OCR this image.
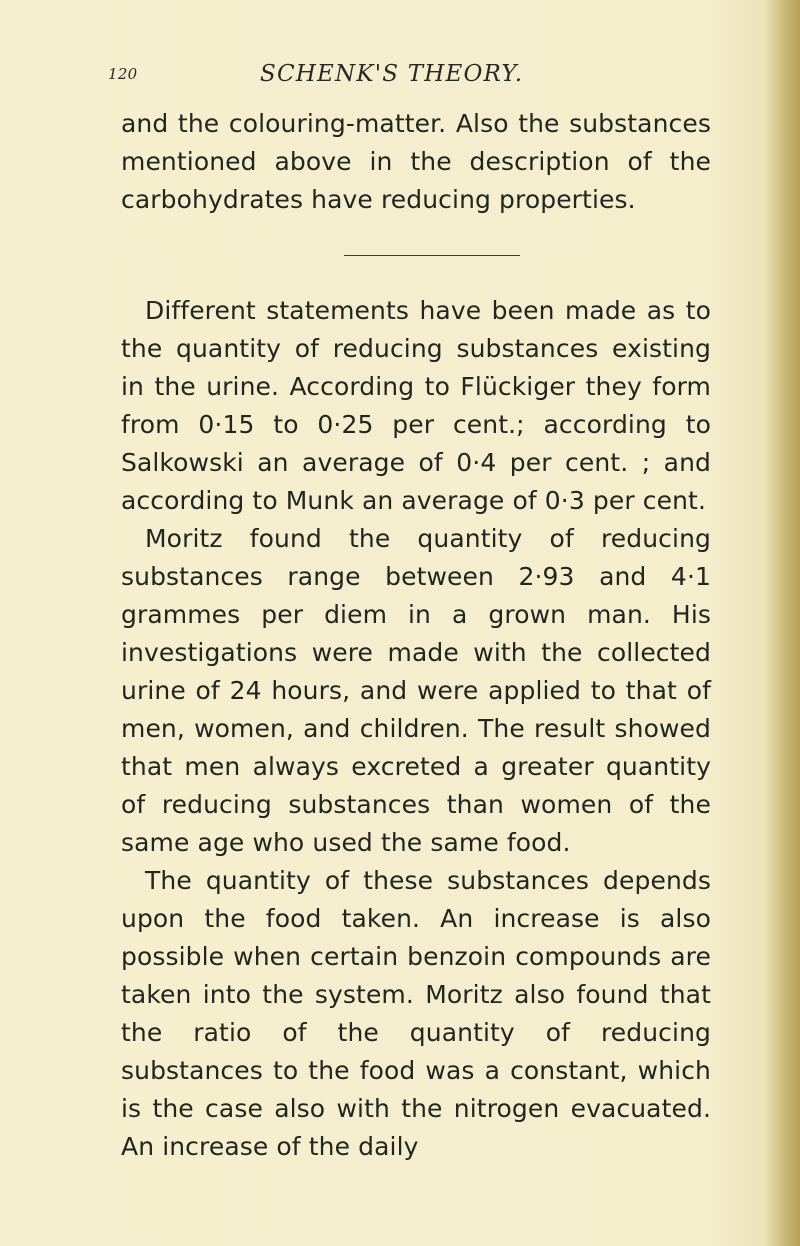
120	SCHENK'S THEORY.

and the colouring-matter. Also the substances mentioned above in the description of the carbohydrates have reducing properties.

Different statements have been made as to the quantity of reducing substances existing in the urine. According to Flückiger they form from 0·15 to 0·25 per cent.; according to Salkowski an average of 0·4 per cent. ; and according to Munk an average of 0·3 per cent.

Moritz found the quantity of reducing substances range between 2·93 and 4·1 grammes per diem in a grown man. His investigations were made with the collected urine of 24 hours, and were applied to that of men, women, and children. The result showed that men always excreted a greater quantity of reducing substances than women of the same age who used the same food.

The quantity of these substances depends upon the food taken. An increase is also possible when certain benzoin compounds are taken into the system. Moritz also found that the ratio of the quantity of reducing substances to the food was a constant, which is the case also with the nitrogen evacuated. An increase of the daily
